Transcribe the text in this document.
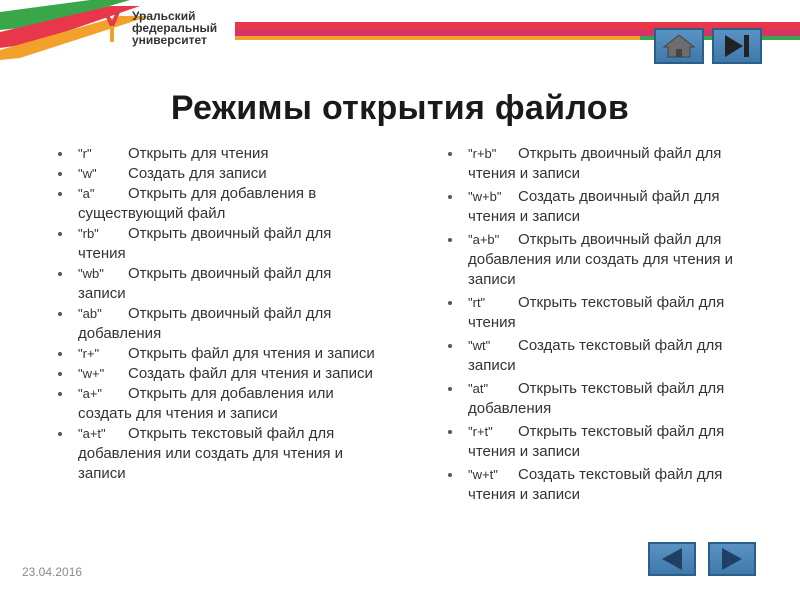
Уральский
федеральный
университет
Режимы открытия файлов
"r" Открыть для чтения
"w" Создать для записи
"a" Открыть для добавления в существующий файл
"rb" Открыть двоичный файл для чтения
"wb" Открыть двоичный файл для записи
"ab" Открыть двоичный файл для добавления
"r+" Открыть файл для чтения и записи
"w+" Создать файл для чтения и записи
"a+" Открыть для добавления или создать для чтения и записи
"a+t" Открыть текстовый файл для добавления или создать для чтения и записи
"r+b" Открыть двоичный файл для чтения и записи
"w+b" Создать двоичный файл для чтения и записи
"a+b" Открыть двоичный файл для добавления или создать для чтения и записи
"rt" Открыть текстовый файл для чтения
"wt" Создать текстовый файл для записи
"at" Открыть текстовый файл для добавления
"r+t" Открыть текстовый файл для чтения и записи
"w+t" Создать текстовый файл для чтения и записи
23.04.2016
